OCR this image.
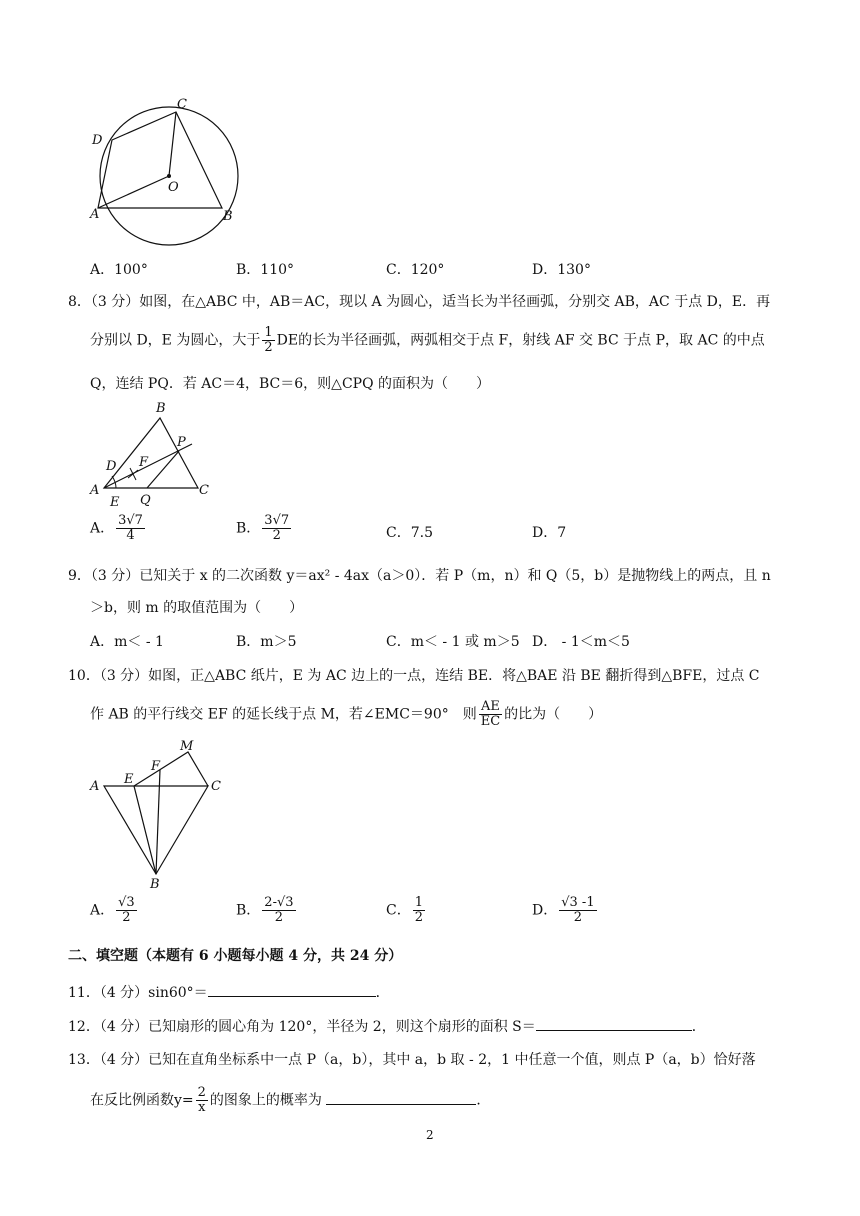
C
D
O
A	B
A．100°	B．110°	C．120°	D．130°
8．（3 分）如图，在△ABC 中，AB＝AC，现以 A 为圆心，适当长为半径画弧，分别交 AB，AC 于点 D，E．再
分别以 D，E 为圆心，大于 $\frac{1}{2}$ DE的长为半径画弧，两弧相交于点 F，射线 AF 交 BC 于点 P，取 AC 的中点
Q，连结 PQ．若 AC＝4，BC＝6，则△CPQ 的面积为（　　）
B
P
D F
A	C
E Q
A． $\frac{3√7}{4}$	B． $\frac{3√7}{2}$	C．7.5	D．7
9．（3 分）已知关于 x 的二次函数 y＝ax² - 4ax（a＞0）．若 P（m，n）和 Q（5，b）是抛物线上的两点，且 n
＞b，则 m 的取值范围为（　　）
A．m＜ - 1	B．m＞5	C．m＜ - 1 或 m＞5 D． - 1＜m＜5
10．（3 分）如图，正△ABC 纸片，E 为 AC 边上的一点，连结 BE．将△BAE 沿 BE 翻折得到△BFE，过点 C
作 AB 的平行线交 EF 的延长线于点 M，若∠EMC＝90°　则 $\frac{AE}{EC}$ 的比为（　　）
M
F
E
A	C
B
A． $\frac{√3}{2}$	B． $\frac{2-√3}{2}$	C． $\frac{1}{2}$	D． $\frac{√3 -1}{2}$
二、填空题（本题有 6 小题每小题 4 分，共 24 分）
11．（4 分）sin60°＝	．
12．（4 分）已知扇形的圆心角为 120°，半径为 2，则这个扇形的面积 S＝	．
13．（4 分）已知在直角坐标系中一点 P（a，b），其中 a，b 取 - 2，1 中任意一个值，则点 P（a，b）恰好落
在反比例函数$y= \frac{2}{x}$ 的图象上的概率为	．
2
